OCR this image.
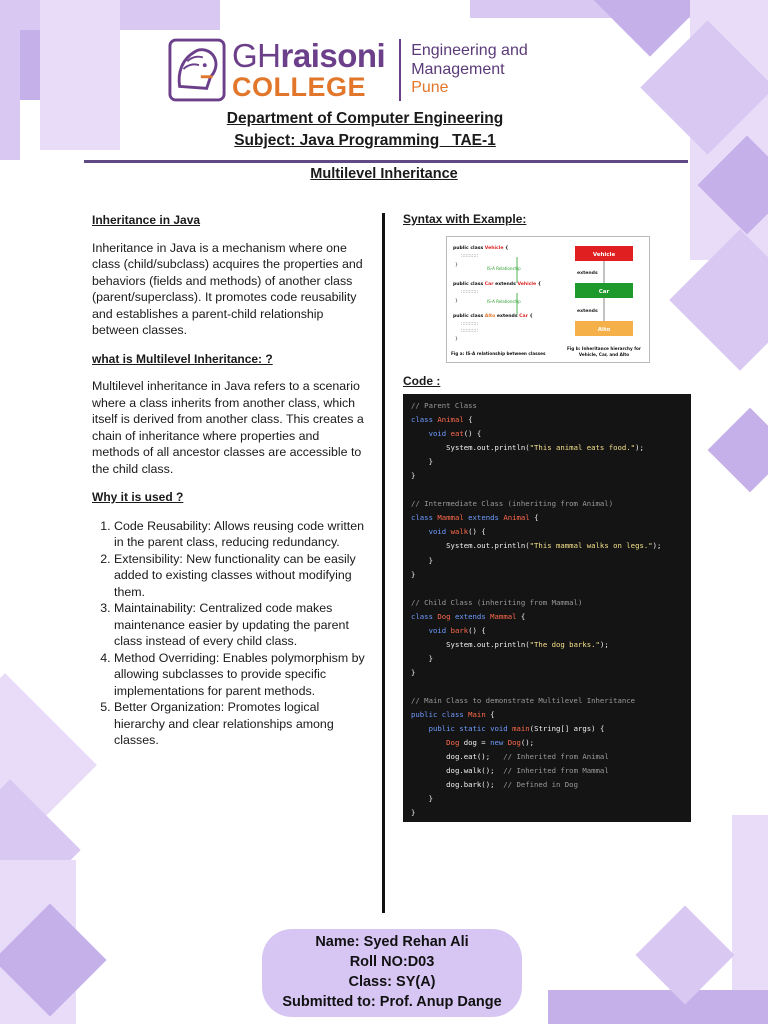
GHraisoni
COLLEGE
Engineering and
Management
Pune
Department of Computer Engineering
Subject: Java Programming   TAE-1
Multilevel Inheritance
Inheritance in Java

Inheritance in Java is a mechanism where one class (child/subclass) acquires the properties and behaviors (fields and methods) of another class (parent/superclass). It promotes code reusability and establishes a parent-child relationship between classes.

what is Multilevel Inheritance: ?

Multilevel inheritance in Java refers to a scenario where a class inherits from another class, which itself is derived from another class. This creates a chain of inheritance where properties and methods of all ancestor classes are accessible to the child class.

Why it is used ?
1. Code Reusability: Allows reusing code written in the parent class, reducing redundancy.
2. Extensibility: New functionality can be easily added to existing classes without modifying them.
3. Maintainability: Centralized code makes maintenance easier by updating the parent class instead of every child class.
4. Method Overriding: Enables polymorphism by allowing subclasses to provide specific implementations for parent methods.
5. Better Organization: Promotes logical hierarchy and clear relationships among classes.
Syntax with Example:
public class Vehicle {
:::::::::::
}
IS-A Relationship
public class Car extends Vehicle {
:::::::::::
}	IS-A Relationship
public class Alto extends Car {
:::::::::::
:::::::::::
}
Fig a: IS-A relationship between classes
Vehicle
extends
Car
extends
Alto
Fig b: Inheritance hierarchy for
Vehicle, Car, and Alto
Code :
// Parent Class
class Animal {
void eat() {
System.out.println("This animal eats food.");
}
}
// Intermediate Class (inheriting from Animal)
class Mammal extends Animal {
void walk() {
System.out.println("This mammal walks on legs.");
}
}
// Child Class (inheriting from Mammal)
class Dog extends Mammal {
void bark() {
System.out.println("The dog barks.");
}
}
// Main Class to demonstrate Multilevel Inheritance
public class Main {
public static void main(String[] args) {
Dog dog = new Dog();
dog.eat();   // Inherited from Animal
dog.walk();  // Inherited from Mammal
dog.bark();  // Defined in Dog
}
}
Name: Syed Rehan Ali
Roll NO:D03
Class: SY(A)
Submitted to: Prof. Anup Dange
